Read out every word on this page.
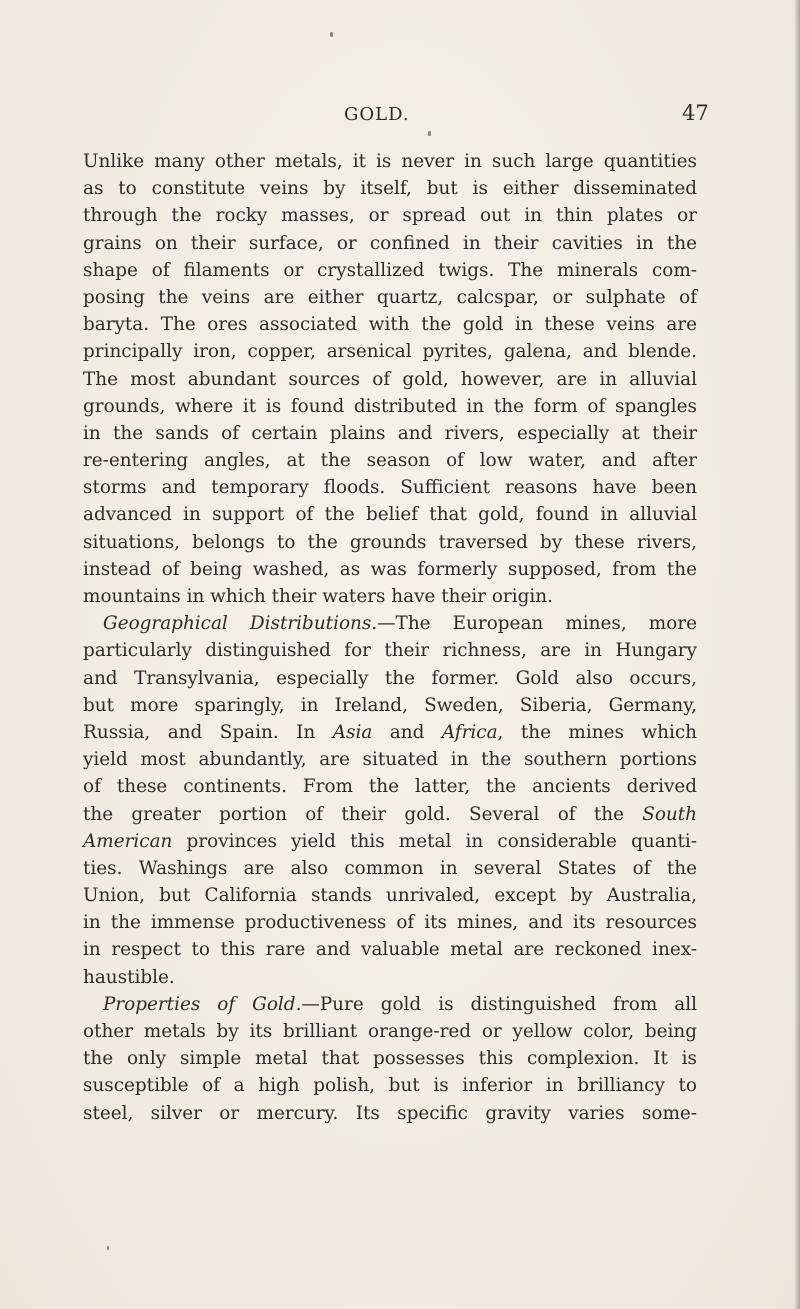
GOLD.	47
Unlike many other metals, it is never in such large quantities
as to constitute veins by itself, but is either disseminated
through the rocky masses, or spread out in thin plates or
grains on their surface, or confined in their cavities in the
shape of filaments or crystallized twigs. The minerals com-
posing the veins are either quartz, calcspar, or sulphate of
baryta. The ores associated with the gold in these veins are
principally iron, copper, arsenical pyrites, galena, and blende.
The most abundant sources of gold, however, are in alluvial
grounds, where it is found distributed in the form of spangles
in the sands of certain plains and rivers, especially at their
re-entering angles, at the season of low water, and after
storms and temporary floods. Sufficient reasons have been
advanced in support of the belief that gold, found in alluvial
situations, belongs to the grounds traversed by these rivers,
instead of being washed, as was formerly supposed, from the
mountains in which their waters have their origin.
Geographical Distributions.—The European mines, more
particularly distinguished for their richness, are in Hungary
and Transylvania, especially the former. Gold also occurs,
but more sparingly, in Ireland, Sweden, Siberia, Germany,
Russia, and Spain. In Asia and Africa, the mines which
yield most abundantly, are situated in the southern portions
of these continents. From the latter, the ancients derived
the greater portion of their gold. Several of the South
American provinces yield this metal in considerable quanti-
ties. Washings are also common in several States of the
Union, but California stands unrivaled, except by Australia,
in the immense productiveness of its mines, and its resources
in respect to this rare and valuable metal are reckoned inex-
haustible.
Properties of Gold.—Pure gold is distinguished from all
other metals by its brilliant orange-red or yellow color, being
the only simple metal that possesses this complexion. It is
susceptible of a high polish, but is inferior in brilliancy to
steel, silver or mercury. Its specific gravity varies some-
